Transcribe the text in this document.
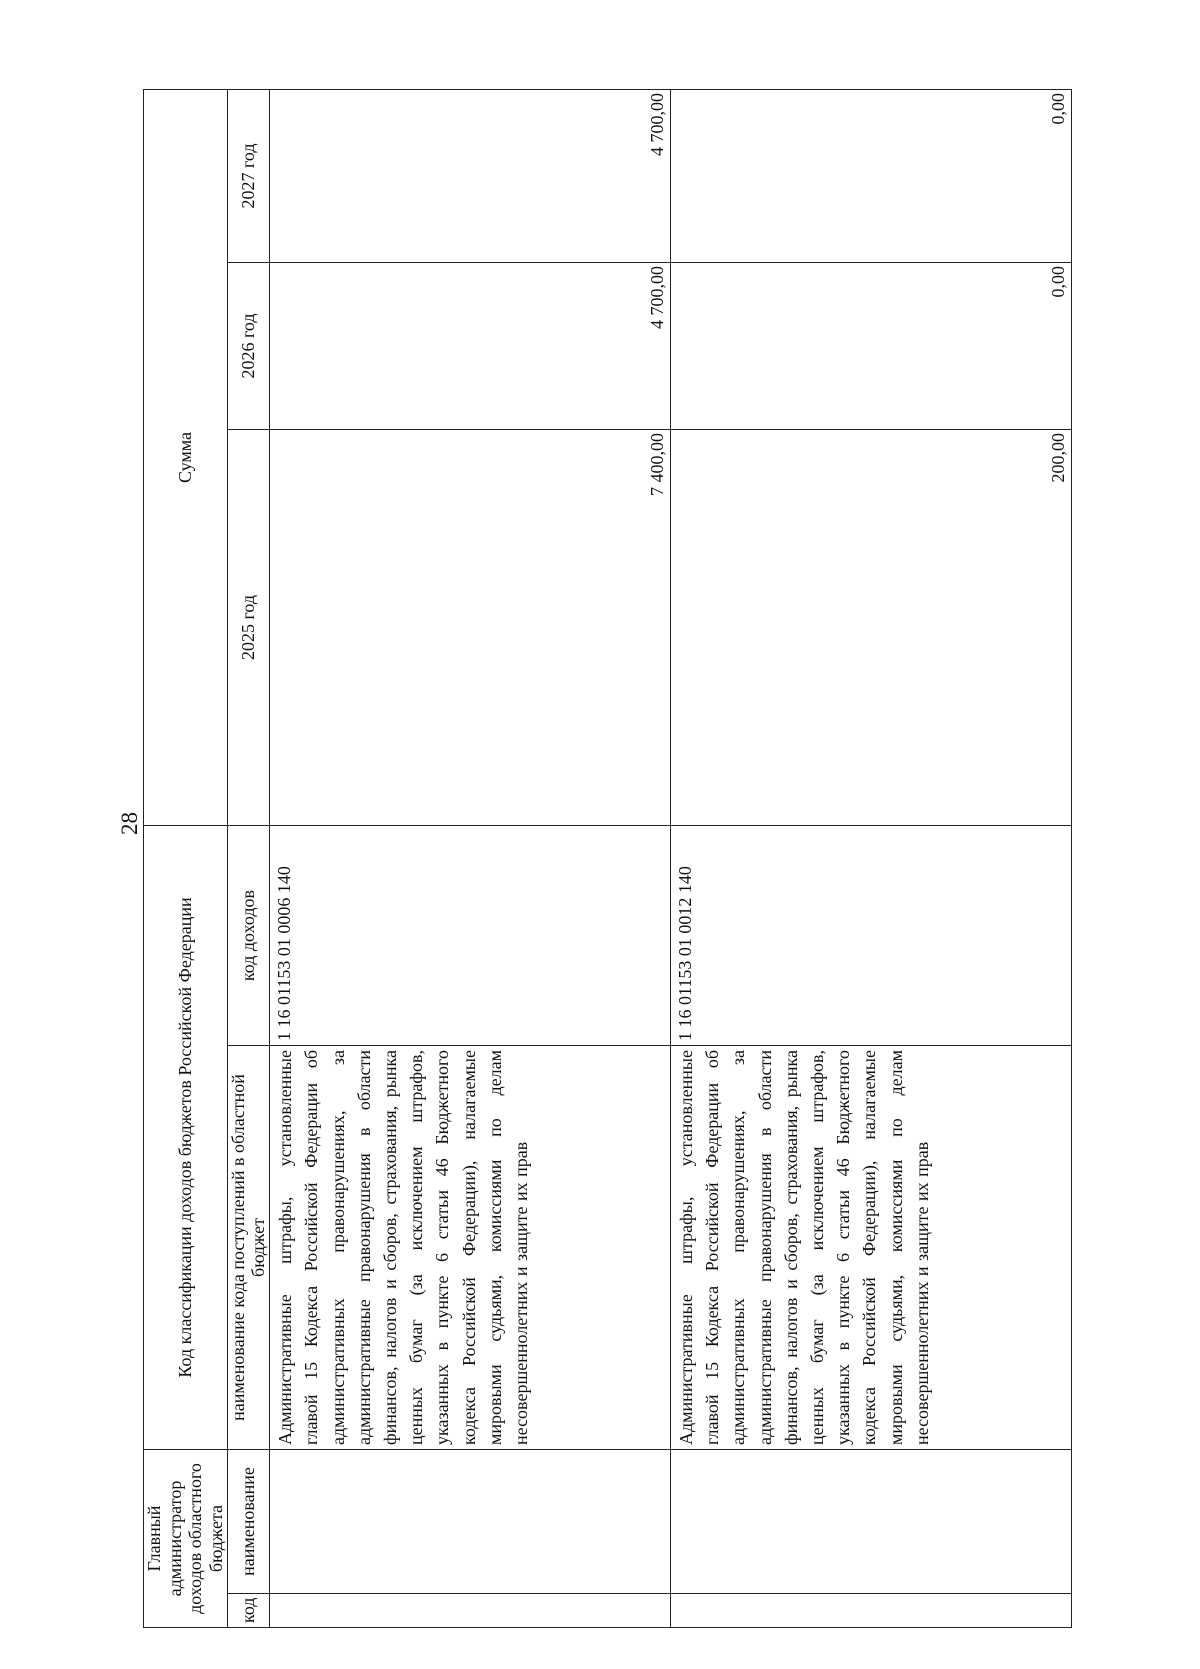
28
Главный администратор доходов областного бюджета		Код классификации доходов бюджетов Российской Федерации		Сумма		
код	наименование	наименование кода поступлений в областной бюджет	код доходов	2025 год	2026 год	2027 год
		Административные штрафы, установленные главой 15 Кодекса Российской Федерации об административных правонарушениях, за административные правонарушения в области финансов, налогов и сборов, страхования, рынка ценных бумаг (за исключением штрафов, указанных в пункте 6 статьи 46 Бюджетного кодекса Российской Федерации), налагаемые мировыми судьями, комиссиями по делам несовершеннолетних и защите их прав	1 16 01153 01 0006 140	7 400,00	4 700,00	4 700,00
		Административные штрафы, установленные главой 15 Кодекса Российской Федерации об административных правонарушениях, за административные правонарушения в области финансов, налогов и сборов, страхования, рынка ценных бумаг (за исключением штрафов, указанных в пункте 6 статьи 46 Бюджетного кодекса Российской Федерации), налагаемые мировыми судьями, комиссиями по делам несовершеннолетних и защите их прав	1 16 01153 01 0012 140	200,00	0,00	0,00
